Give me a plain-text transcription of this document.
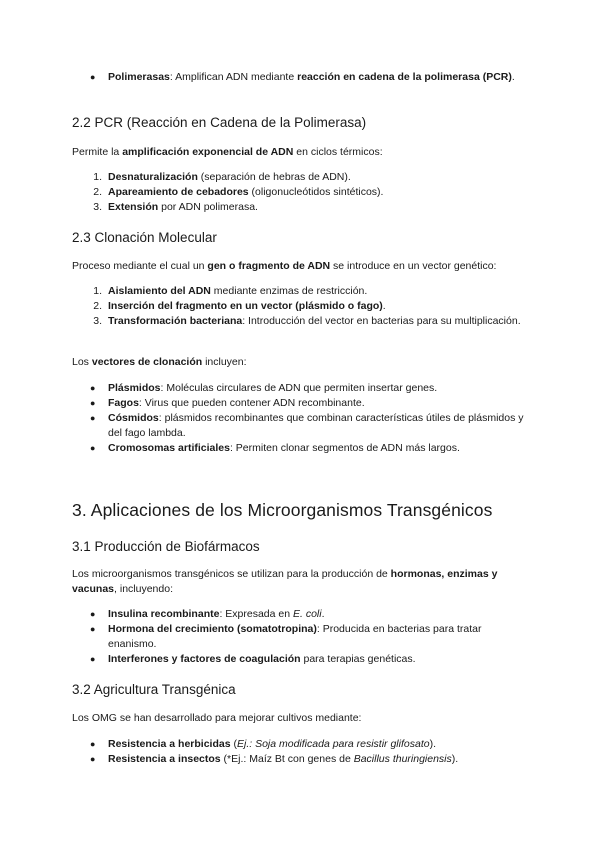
●	Polimerasas: Amplifican ADN mediante reacción en cadena de la polimerasa (PCR).
2.2 PCR (Reacción en Cadena de la Polimerasa)

Permite la amplificación exponencial de ADN en ciclos térmicos:

1. Desnaturalización (separación de hebras de ADN).
2. Apareamiento de cebadores (oligonucleótidos sintéticos).
3. Extensión por ADN polimerasa.
2.3 Clonación Molecular

Proceso mediante el cual un gen o fragmento de ADN se introduce en un vector genético:

1. Aislamiento del ADN mediante enzimas de restricción.
2. Inserción del fragmento en un vector (plásmido o fago).
3. Transformación bacteriana: Introducción del vector en bacterias para su multiplicación.

Los vectores de clonación incluyen:

●	Plásmidos: Moléculas circulares de ADN que permiten insertar genes.
●	Fagos: Virus que pueden contener ADN recombinante.
●	Cósmidos: plásmidos recombinantes que combinan características útiles de plásmidos y del fago lambda.
●	Cromosomas artificiales: Permiten clonar segmentos de ADN más largos.
3. Aplicaciones de los Microorganismos Transgénicos
3.1 Producción de Biofármacos

Los microorganismos transgénicos se utilizan para la producción de hormonas, enzimas y vacunas, incluyendo:

●	Insulina recombinante: Expresada en E. coli.
●	Hormona del crecimiento (somatotropina): Producida en bacterias para tratar enanismo.
●	Interferones y factores de coagulación para terapias genéticas.
3.2 Agricultura Transgénica

Los OMG se han desarrollado para mejorar cultivos mediante:

●	Resistencia a herbicidas (Ej.: Soja modificada para resistir glifosato).
●	Resistencia a insectos (*Ej.: Maíz Bt con genes de Bacillus thuringiensis).
